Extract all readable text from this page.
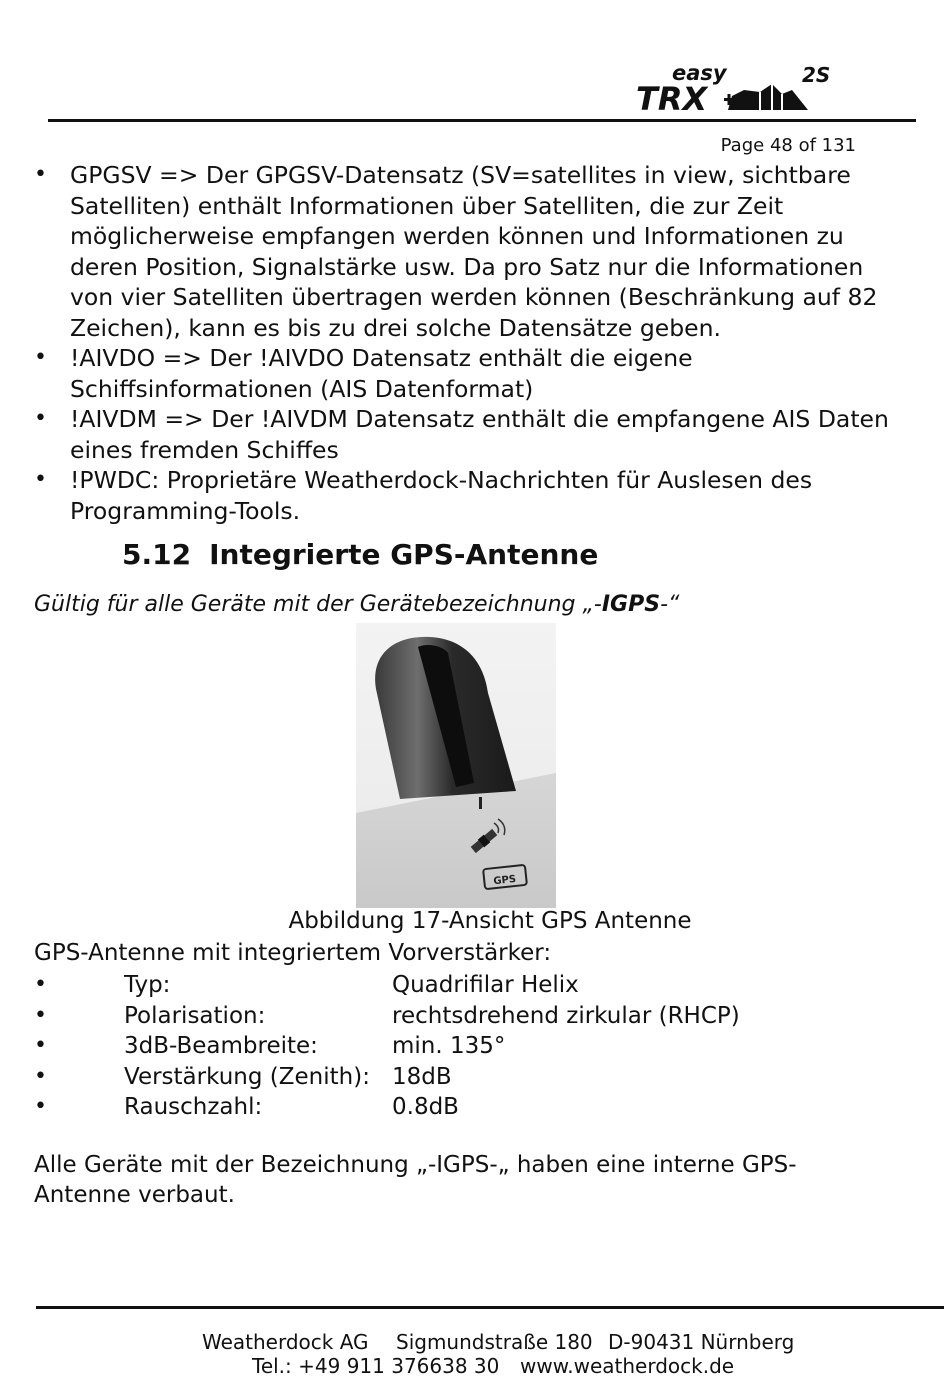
easy
TRX
2S
Page 48 of 131
• GPGSV => Der GPGSV-Datensatz (SV=satellites in view, sichtbare Satelliten) enthält Informationen über Satelliten, die zur Zeit möglicherweise empfangen werden können und Informationen zu deren Position, Signalstärke usw. Da pro Satz nur die Informationen von vier Satelliten übertragen werden können (Beschränkung auf 82 Zeichen), kann es bis zu drei solche Datensätze geben.
• !AIVDO => Der !AIVDO Datensatz enthält die eigene Schiffsinformationen (AIS Datenformat)
• !AIVDM => Der !AIVDM Datensatz enthält die empfangene AIS Daten eines fremden Schiffes
• !PWDC: Proprietäre Weatherdock-Nachrichten für Auslesen des Programming-Tools.
5.12 Integrierte GPS-Antenne

Gültig für alle Geräte mit der Gerätebezeichnung „-IGPS-“

GPS
Abbildung 17-Ansicht GPS Antenne
GPS-Antenne mit integriertem Vorverstärker:
•	Typ:	Quadrifilar Helix
•	Polarisation:	rechtsdrehend zirkular (RHCP)
•	3dB-Beambreite:	min. 135°
•	Verstärkung (Zenith): 18dB
•	Rauschzahl:	0.8dB

Alle Geräte mit der Bezeichnung „-IGPS-„ haben eine interne GPS-Antenne verbaut.

Weatherdock AG Sigmundstraße 180 D-90431 Nürnberg
Tel.: +49 911 376638 30 www.weatherdock.de
